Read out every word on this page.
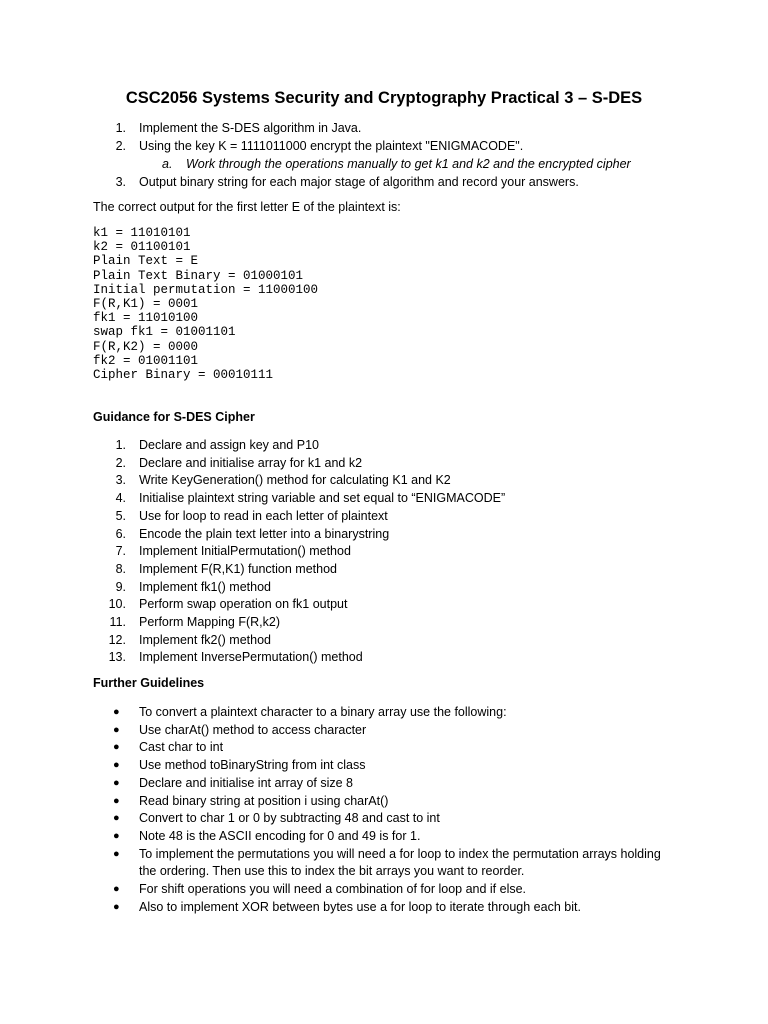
CSC2056 Systems Security and Cryptography Practical 3 – S-DES
• 1. Implement the S-DES algorithm in Java.
• 2. Using the key K = 1111011000 encrypt the plaintext "ENIGMACODE".
a. Work through the operations manually to get k1 and k2 and the encrypted cipher
• 3. Output binary string for each major stage of algorithm and record your answers.

The correct output for the first letter E of the plaintext is:

k1 = 11010101
k2 = 01100101
Plain Text = E
Plain Text Binary = 01000101
Initial permutation = 11000100
F(R,K1) = 0001
fk1 = 11010100
swap fk1 = 01001101
F(R,K2) = 0000
fk2 = 01001101
Cipher Binary = 00010111
Guidance for S-DES Cipher
1. Declare and assign key and P10
2. Declare and initialise array for k1 and k2
3. Write KeyGeneration() method for calculating K1 and K2
4. Initialise plaintext string variable and set equal to “ENIGMACODE”
5. Use for loop to read in each letter of plaintext
6. Encode the plain text letter into a binarystring
7. Implement InitialPermutation() method
8. Implement F(R,K1) function method
9. Implement fk1() method
10. Perform swap operation on fk1 output
11. Perform Mapping F(R,k2)
12. Implement fk2() method
13. Implement InversePermutation() method
Further Guidelines
● To convert a plaintext character to a binary array use the following:
● Use charAt() method to access character
● Cast char to int
● Use method toBinaryString from int class
● Declare and initialise int array of size 8
● Read binary string at position i using charAt()
● Convert to char 1 or 0 by subtracting 48 and cast to int
● Note 48 is the ASCII encoding for 0 and 49 is for 1.
● To implement the permutations you will need a for loop to index the permutation arrays holding the ordering. Then use this to index the bit arrays you want to reorder.
● For shift operations you will need a combination of for loop and if else.
● Also to implement XOR between bytes use a for loop to iterate through each bit.
